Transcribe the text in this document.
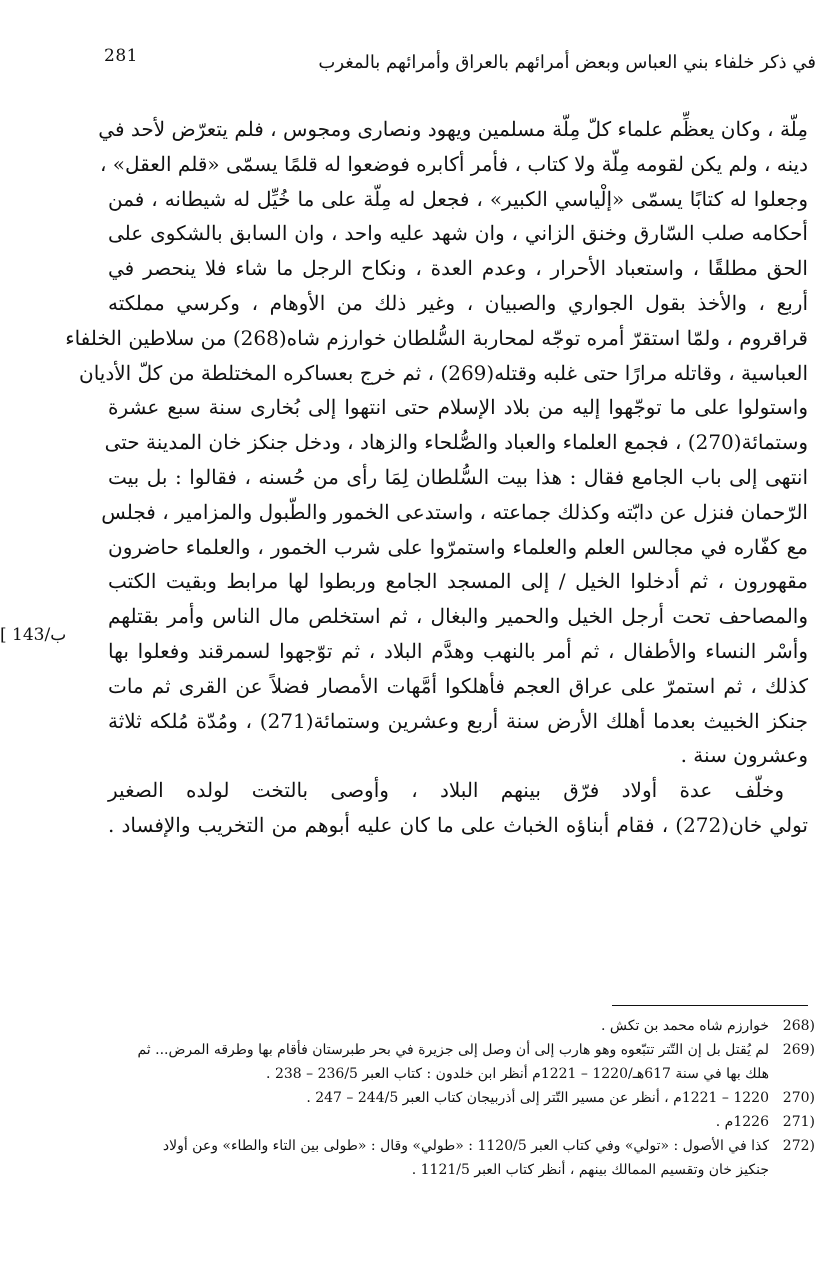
281	في ذكر خلفاء بني العباس وبعض أمرائهم بالعراق وأمرائهم بالمغرب
[ 143/ب
مِلّة ، وكان يعظِّم علماء كلّ مِلّة مسلمين ويهود ونصارى ومجوس ، فلم يتعرّض لأحد في
دينه ، ولم يكن لقومه مِلّة ولا كتاب ، فأمر أكابره فوضعوا له قلمًا يسمّى «قلم العقل» ،
وجعلوا له كتابًا يسمّى «إلْياسي الكبير» ، فجعل له مِلّة على ما خُيِّل له شيطانه ، فمن
أحكامه صلب السّارق وخنق الزاني ، وان شهد عليه واحد ، وان السابق بالشكوى على
الحق مطلقًا ، واستعباد الأحرار ، وعدم العدة ، ونكاح الرجل ما شاء فلا ينحصر في
أربع ، والأخذ بقول الجواري والصبيان ، وغير ذلك من الأوهام ، وكرسي مملكته
قراقروم ، ولمّا استقرّ أمره توجّه لمحاربة السُّلطان خوارزم شاه(268) من سلاطين الخلفاء
العباسية ، وقاتله مرارًا حتى غلبه وقتله(269) ، ثم خرج بعساكره المختلطة من كلّ الأديان
واستولوا على ما توجّهوا إليه من بلاد الإسلام حتى انتهوا إلى بُخارى سنة سبع عشرة
وستمائة(270) ، فجمع العلماء والعباد والصُّلحاء والزهاد ، ودخل جنكز خان المدينة حتى
انتهى إلى باب الجامع فقال : هذا بيت السُّلطان لِمَا رأى من حُسنه ، فقالوا : بل بيت
الرّحمان فنزل عن دابّته وكذلك جماعته ، واستدعى الخمور والطّبول والمزامير ، فجلس
مع كفّاره في مجالس العلم والعلماء واستمرّوا على شرب الخمور ، والعلماء حاضرون
مقهورون ، ثم أدخلوا الخيل / إلى المسجد الجامع وربطوا لها مرابط وبقيت الكتب
والمصاحف تحت أرجل الخيل والحمير والبغال ، ثم استخلص مال الناس وأمر بقتلهم
وأسْر النساء والأطفال ، ثم أمر بالنهب وهدَّم البلاد ، ثم توّجهوا لسمرقند وفعلوا بها
كذلك ، ثم استمرّ على عراق العجم فأهلكوا أمَّهات الأمصار فضلاً عن القرى ثم مات
جنكز الخبيث بعدما أهلك الأرض سنة أربع وعشرين وستمائة(271) ، ومُدّة مُلكه ثلاثة
وعشرون سنة .
وخلّف عدة أولاد فرّق بينهم البلاد ، وأوصى بالتخت لولده الصغير
تولي خان(272) ، فقام أبناؤه الخباث على ما كان عليه أبوهم من التخريب والإفساد .
(268
خوارزم شاه محمد بن تكش .
(269
لم يُقتل بل إن التّتر تتبّعوه وهو هارب إلى أن وصل إلى جزيرة في بحر طبرستان فأقام بها وطرقه المرض... ثم
هلك بها في سنة 617هـ/1220 – 1221م أنظر ابن خلدون : كتاب العبر 236/5 – 238 .
(270
1220 – 1221م ، أنظر عن مسير التّتر إلى أذربيجان كتاب العبر 244/5 – 247 .
(271
1226م .
(272
كذا في الأصول : «تولي» وفي كتاب العبر 1120/5 : «طولي» وقال : «طولى بين التاء والطاء» وعن أولاد
جنكيز خان وتقسيم الممالك بينهم ، أنظر كتاب العبر 1121/5 .
